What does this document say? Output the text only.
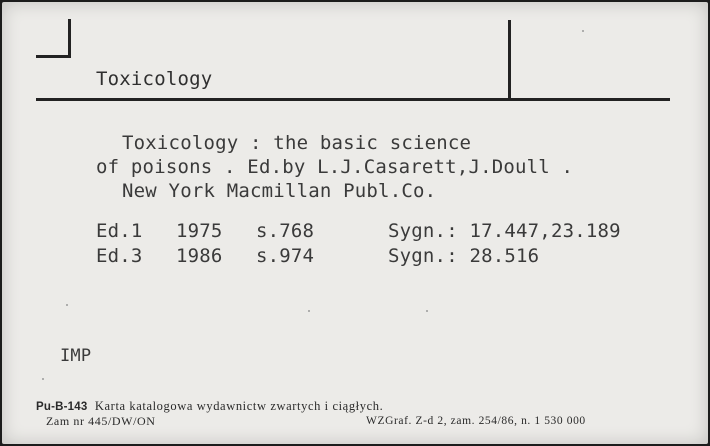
Toxicology
Toxicology : the basic science
of poisons . Ed.by L.J.Casarett,J.Doull .
New York Macmillan Publ.Co.
Ed.1 1975 s.768	Sygn.: 17.447,23.189
Ed.3 1986 s.974	Sygn.: 28.516
IMP
Pu-B-143 Karta katalogowa wydawnictw zwartych i ciągłych.
Zam nr 445/DW/ON	WZGraf. Z-d 2, zam. 254/86, n. 1 530 000
